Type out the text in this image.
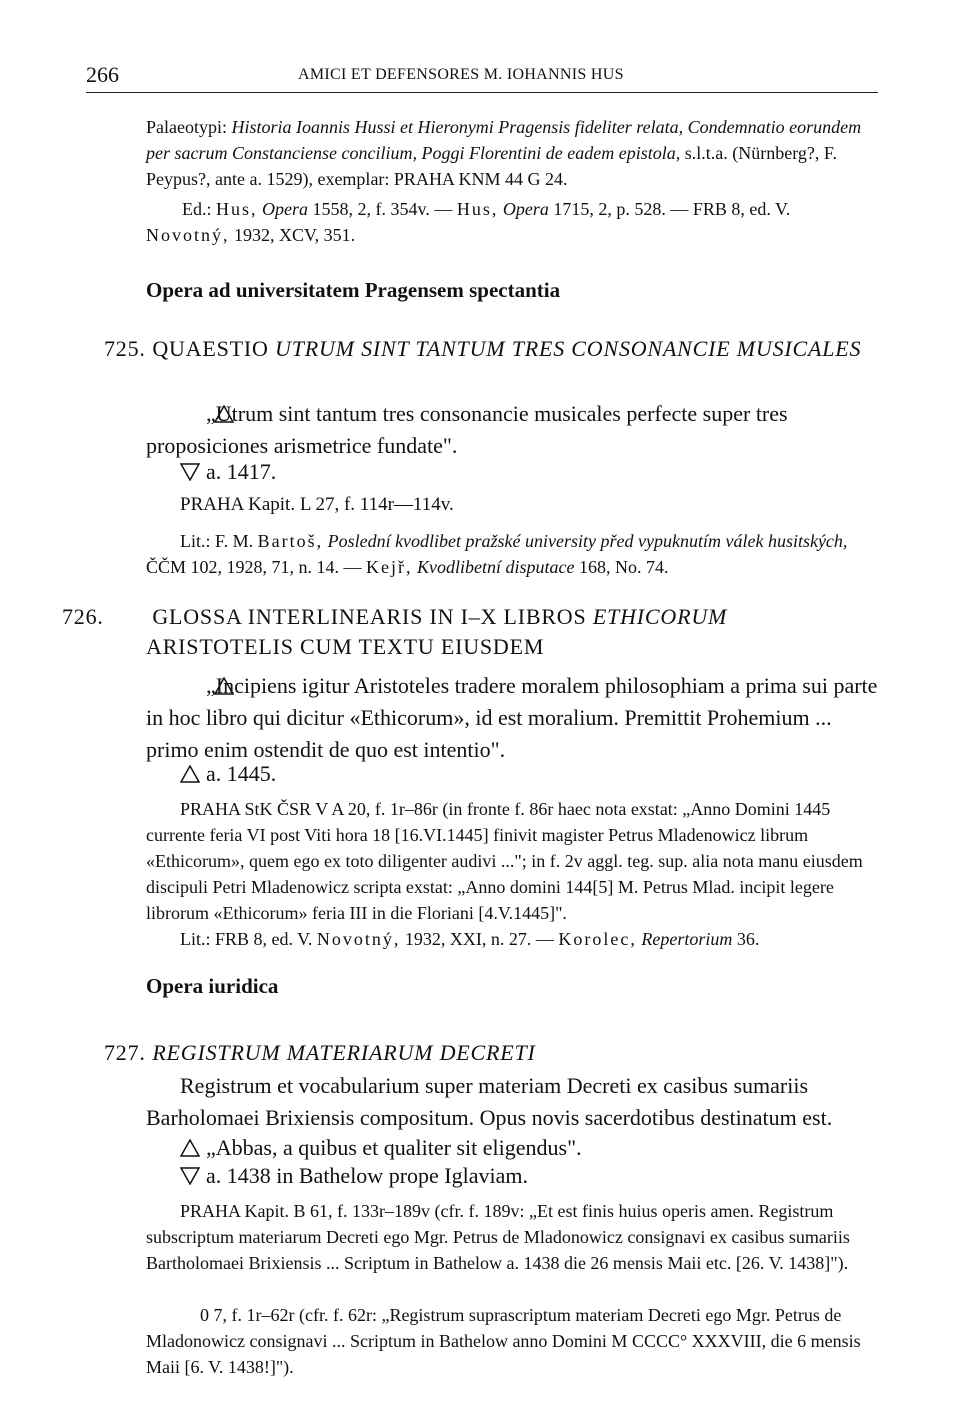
266	AMICI ET DEFENSORES M. IOHANNIS HUS

Palaeotypi: Historia Ioannis Hussi et Hieronymi Pragensis fideliter relata, Condemnatio eorundem per sacrum Constanciense concilium, Poggi Florentini de eadem epistola, s.l.t.a. (Nürnberg?, F. Peypus?, ante a. 1529), exemplar: PRAHA KNM 44 G 24.

Ed.: Hus, Opera 1558, 2, f. 354v. — Hus, Opera 1715, 2, p. 528. — FRB 8, ed. V. Novotný, 1932, XCV, 351.

Opera ad universitatem Pragensem spectantia
725. QUAESTIO UTRUM SINT TANTUM TRES CONSONANCIE MUSICALES

„Utrum sint tantum tres consonancie musicales perfecte super tres proposiciones arismetrice fundate".

a. 1417.
PRAHA Kapit. L 27, f. 114r—114v.

Lit.: F. M. Bartoš, Poslední kvodlibet pražské university před vypuknutím válek husitských, ČČM 102, 1928, 71, n. 14. — Kejř, Kvodlibetní disputace 168, No. 74.

726. GLOSSA INTERLINEARIS IN I–X LIBROS ETHICORUM ARISTOTELIS CUM TEXTU EIUSDEM

„Incipiens igitur Aristoteles tradere moralem philosophiam a prima sui parte in hoc libro qui dicitur «Ethicorum», id est moralium. Premittit Prohemium ... primo enim ostendit de quo est intentio".

a. 1445.

PRAHA StK ČSR V A 20, f. 1r–86r (in fronte f. 86r haec nota exstat: „Anno Domini 1445 currente feria VI post Viti hora 18 [16.VI.1445] finivit magister Petrus Mladenowicz librum «Ethicorum», quem ego ex toto diligenter audivi ..."; in f. 2v aggl. teg. sup. alia nota manu eiusdem discipuli Petri Mladenowicz scripta exstat: „Anno domini 144[5] M. Petrus Mlad. incipit legere librorum «Ethicorum» feria III in die Floriani [4.V.1445]".

Lit.: FRB 8, ed. V. Novotný, 1932, XXI, n. 27. — Korolec, Repertorium 36.
Opera iuridica
727. REGISTRUM MATERIARUM DECRETI

Registrum et vocabularium super materiam Decreti ex casibus sumariis Barholomaei Brixiensis compositum. Opus novis sacerdotibus destinatum est.

„Abbas, a quibus et qualiter sit eligendus".
a. 1438 in Bathelow prope Iglaviam.

PRAHA Kapit. B 61, f. 133r–189v (cfr. f. 189v: „Et est finis huius operis amen. Registrum subscriptum materiarum Decreti ego Mgr. Petrus de Mladonowicz consignavi ex casibus sumariis Bartholomaei Brixiensis ... Scriptum in Bathelow a. 1438 die 26 mensis Maii etc. [26. V. 1438]").

0 7, f. 1r–62r (cfr. f. 62r: „Registrum suprascriptum materiam Decreti ego Mgr. Petrus de Mladonowicz consignavi ... Scriptum in Bathelow anno Domini M CCCC° XXXVIII, die 6 mensis Maii [6. V. 1438!]").
